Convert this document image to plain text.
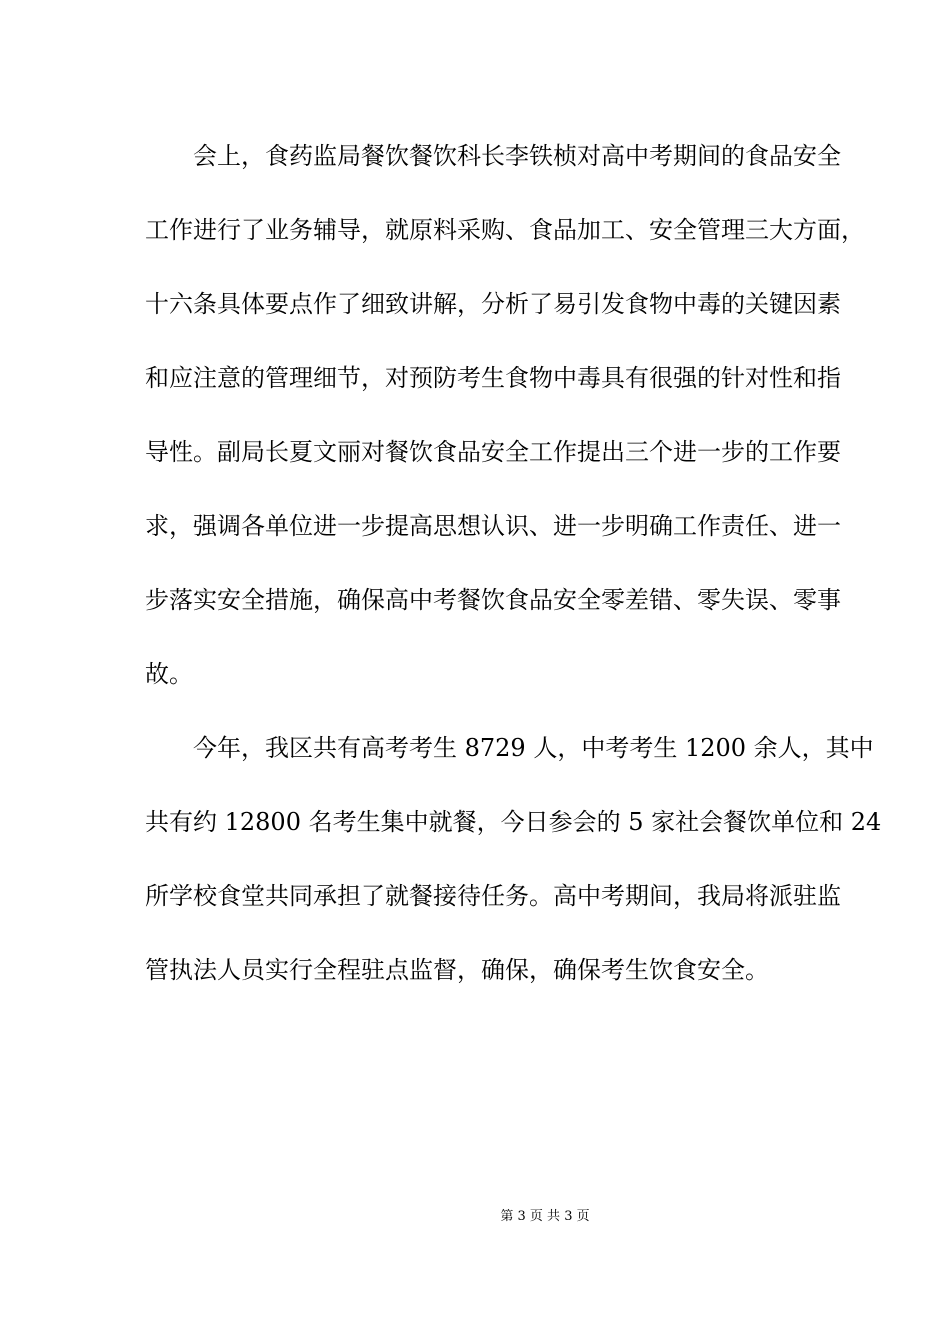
会上，食药监局餐饮餐饮科长李铁桢对高中考期间的食品安全
工作进行了业务辅导，就原料采购、食品加工、安全管理三大方面，
十六条具体要点作了细致讲解，分析了易引发食物中毒的关键因素
和应注意的管理细节，对预防考生食物中毒具有很强的针对性和指
导性。副局长夏文丽对餐饮食品安全工作提出三个进一步的工作要
求，强调各单位进一步提高思想认识、进一步明确工作责任、进一
步落实安全措施，确保高中考餐饮食品安全零差错、零失误、零事
故。
今年，我区共有高考考生 8729 人，中考考生 1200 余人，其中
共有约 12800 名考生集中就餐，今日参会的 5 家社会餐饮单位和 24
所学校食堂共同承担了就餐接待任务。高中考期间，我局将派驻监
管执法人员实行全程驻点监督，确保，确保考生饮食安全。
第 3 页 共 3 页
